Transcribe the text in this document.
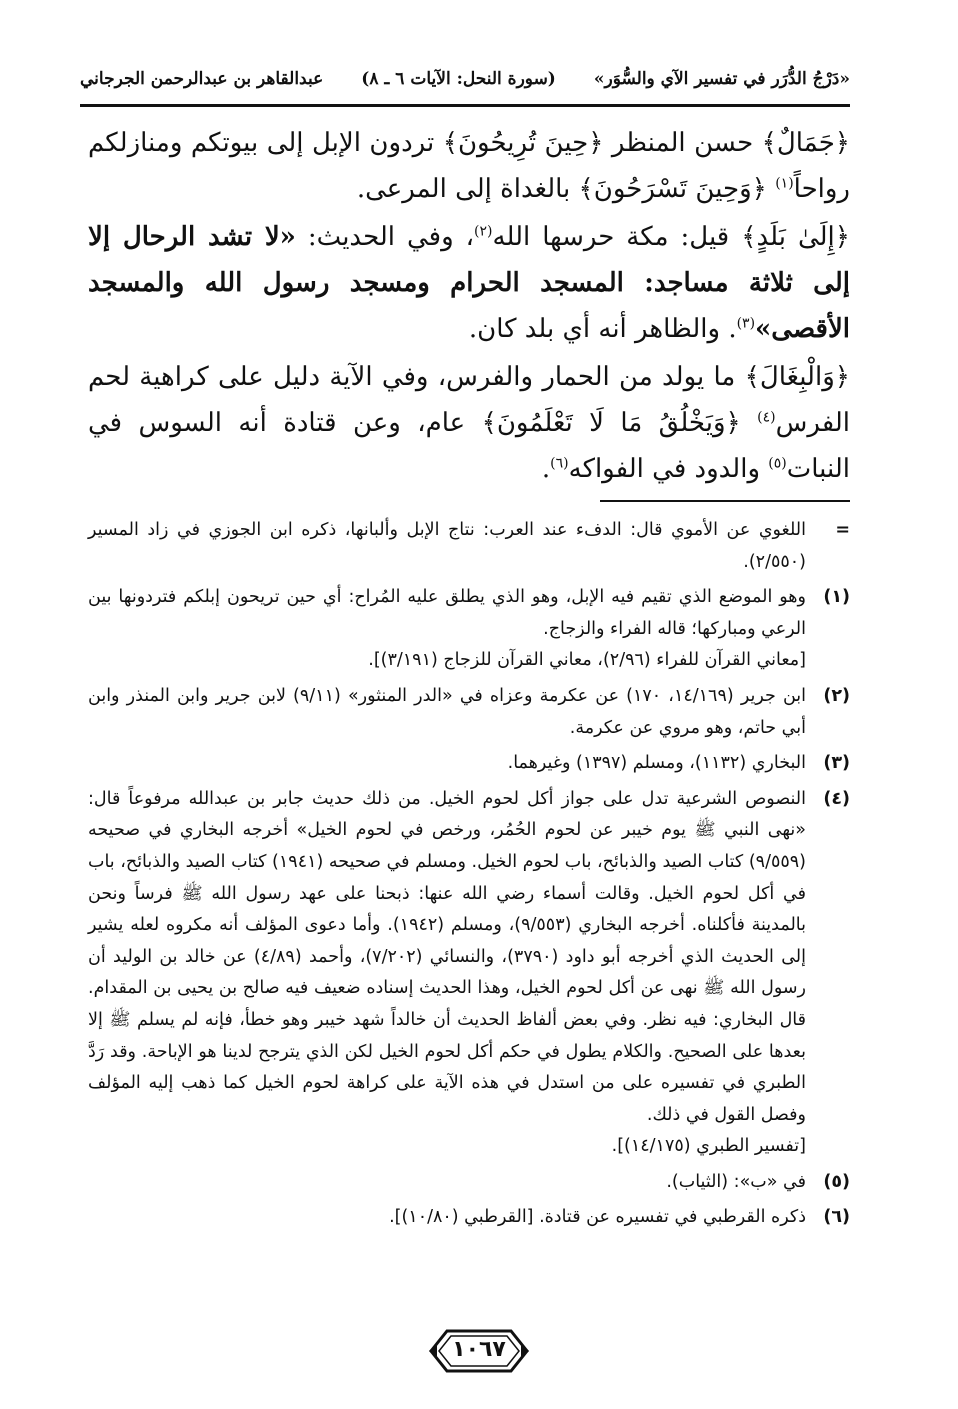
«دَرْجُ الدُّرَر في تفسير الآي والسُّوَر»
(سورة النحل: الآيات ٦ ـ ٨)
عبدالقاهر بن عبدالرحمن الجرجاني

﴿جَمَالٌ﴾ حسن المنظر ﴿حِينَ تُرِيحُونَ﴾ تردون الإبل إلى بيوتكم ومنازلكم رواحاً$^{(١)}$ ﴿وَحِينَ تَسْرَحُونَ﴾ بالغداة إلى المرعى.

﴿إِلَىٰ بَلَدٍ﴾ قيل: مكة حرسها الله$^{(٢)}$، وفي الحديث: «لا تشد الرحال إلا إلى ثلاثة مساجد: المسجد الحرام ومسجد رسول الله والمسجد الأقصى»$^{(٣)}$. والظاهر أنه أي بلد كان.

﴿وَالْبِغَالَ﴾ ما يولد من الحمار والفرس، وفي الآية دليل على كراهية لحم الفرس$^{(٤)}$ ﴿وَيَخْلُقُ مَا لَا تَعْلَمُونَ﴾ عام، وعن قتادة أنه السوس في النبات$^{(٥)}$ والدود في الفواكه$^{(٦)}$.

=
اللغوي عن الأموي قال: الدفء عند العرب: نتاج الإبل وألبانها، ذكره ابن الجوزي في زاد المسير (٢/٥٥٠).
(١)
وهو الموضع الذي تقيم فيه الإبل، وهو الذي يطلق عليه المُراح: أي حين تريحون إبلكم فتردونها بين الرعي ومباركها؛ قاله الفراء والزجاج.
[معاني القرآن للفراء (٢/٩٦)، معاني القرآن للزجاج (٣/١٩١)].
(٢)
ابن جرير (١٤/١٦٩، ١٧٠) عن عكرمة وعزاه في «الدر المنثور» (٩/١١) لابن جرير وابن المنذر وابن أبي حاتم، وهو مروي عن عكرمة.
(٣)
البخاري (١١٣٢)، ومسلم (١٣٩٧) وغيرهما.
(٤)
النصوص الشرعية تدل على جواز أكل لحوم الخيل. من ذلك حديث جابر بن عبدالله مرفوعاً قال: «نهى النبي ﷺ يوم خيبر عن لحوم الحُمُر، ورخص في لحوم الخيل» أخرجه البخاري في صحيحه (٩/٥٥٩) كتاب الصيد والذبائح، باب لحوم الخيل. ومسلم في صحيحه (١٩٤١) كتاب الصيد والذبائح، باب في أكل لحوم الخيل. وقالت أسماء رضي الله عنها: ذبحنا على عهد رسول الله ﷺ فرساً ونحن بالمدينة فأكلناه. أخرجه البخاري (٩/٥٥٣)، ومسلم (١٩٤٢). وأما دعوى المؤلف أنه مكروه لعله يشير إلى الحديث الذي أخرجه أبو داود (٣٧٩٠)، والنسائي (٧/٢٠٢)، وأحمد (٤/٨٩) عن خالد بن الوليد أن رسول الله ﷺ نهى عن أكل لحوم الخيل، وهذا الحديث إسناده ضعيف فيه صالح بن يحيى بن المقدام. قال البخاري: فيه نظر. وفي بعض ألفاظ الحديث أن خالداً شهد خيبر وهو خطأ، فإنه لم يسلم ﷺ إلا بعدها على الصحيح. والكلام يطول في حكم أكل لحوم الخيل لكن الذي يترجح لدينا هو الإباحة. وقد رَدَّ الطبري في تفسيره على من استدل في هذه الآية على كراهة لحوم الخيل كما ذهب إليه المؤلف وفصل القول في ذلك.
[تفسير الطبري (١٤/١٧٥)].
(٥)
في «ب»: (الثياب).
(٦)
ذكره القرطبي في تفسيره عن قتادة. [القرطبي (١٠/٨٠)].
١٠٦٧
